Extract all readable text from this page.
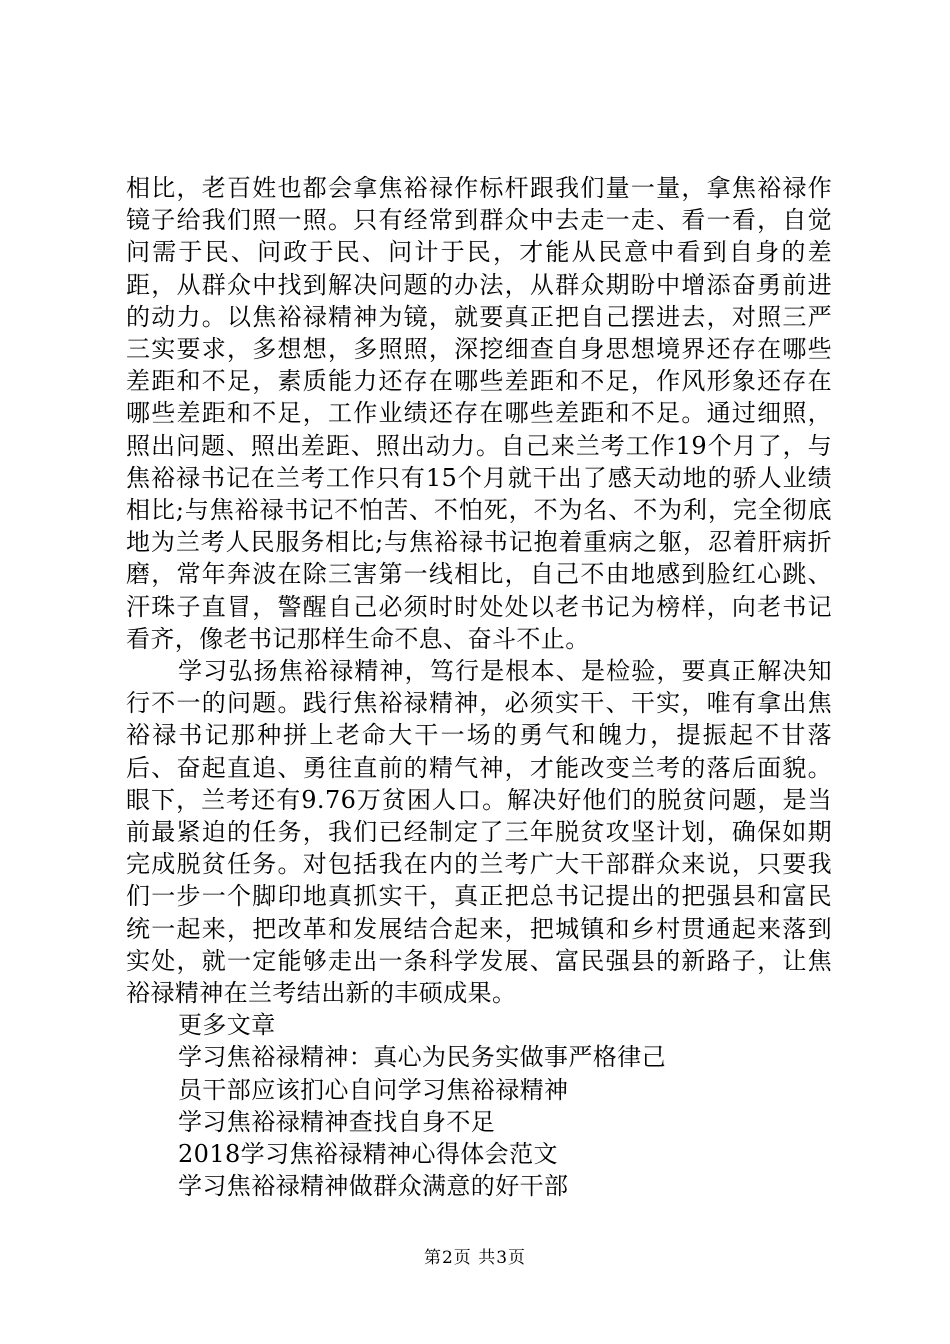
相比，老百姓也都会拿焦裕禄作标杆跟我们量一量，拿焦裕禄作镜子给我们照一照。只有经常到群众中去走一走、看一看，自觉问需于民、问政于民、问计于民，才能从民意中看到自身的差距，从群众中找到解决问题的办法，从群众期盼中增添奋勇前进的动力。以焦裕禄精神为镜，就要真正把自己摆进去，对照三严三实要求，多想想，多照照，深挖细查自身思想境界还存在哪些差距和不足，素质能力还存在哪些差距和不足，作风形象还存在哪些差距和不足，工作业绩还存在哪些差距和不足。通过细照，照出问题、照出差距、照出动力。自己来兰考工作19个月了，与焦裕禄书记在兰考工作只有15个月就干出了感天动地的骄人业绩相比;与焦裕禄书记不怕苦、不怕死，不为名、不为利，完全彻底地为兰考人民服务相比;与焦裕禄书记抱着重病之躯，忍着肝病折磨，常年奔波在除三害第一线相比，自己不由地感到脸红心跳、汗珠子直冒，警醒自己必须时时处处以老书记为榜样，向老书记看齐，像老书记那样生命不息、奋斗不止。

学习弘扬焦裕禄精神，笃行是根本、是检验，要真正解决知行不一的问题。践行焦裕禄精神，必须实干、干实，唯有拿出焦裕禄书记那种拼上老命大干一场的勇气和魄力，提振起不甘落后、奋起直追、勇往直前的精气神，才能改变兰考的落后面貌。眼下，兰考还有9.76万贫困人口。解决好他们的脱贫问题，是当前最紧迫的任务，我们已经制定了三年脱贫攻坚计划，确保如期完成脱贫任务。对包括我在内的兰考广大干部群众来说，只要我们一步一个脚印地真抓实干，真正把总书记提出的把强县和富民统一起来，把改革和发展结合起来，把城镇和乡村贯通起来落到实处，就一定能够走出一条科学发展、富民强县的新路子，让焦裕禄精神在兰考结出新的丰硕成果。

更多文章

学习焦裕禄精神：真心为民务实做事严格律己
员干部应该扪心自问学习焦裕禄精神
学习焦裕禄精神查找自身不足
2018学习焦裕禄精神心得体会范文
学习焦裕禄精神做群众满意的好干部
第2页 共3页
